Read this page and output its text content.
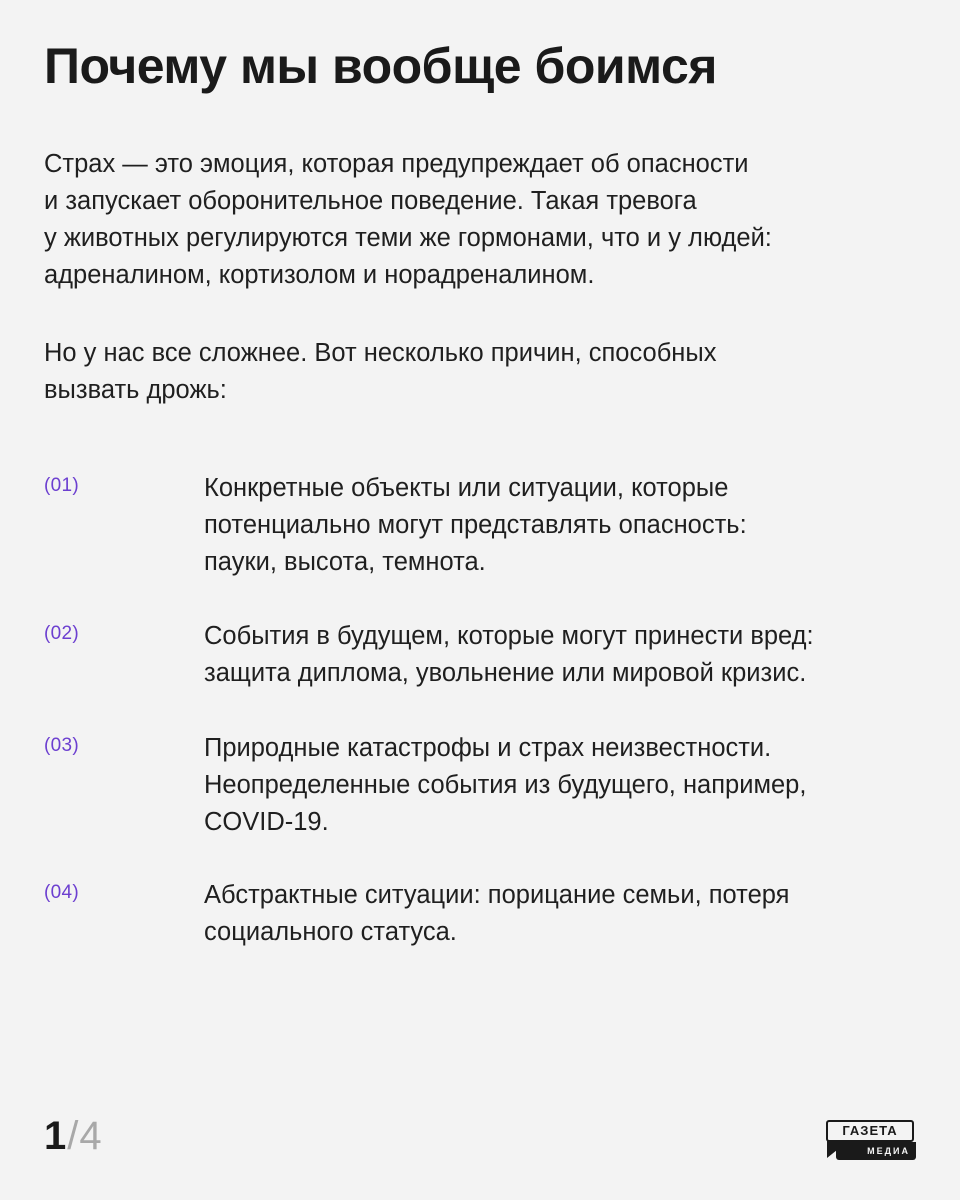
Почему мы вообще боимся
Страх — это эмоция, которая предупреждает об опасности
и запускает оборонительное поведение. Такая тревога
у животных регулируются теми же гормонами, что и у людей:
адреналином, кортизолом и норадреналином.
Но у нас все сложнее. Вот несколько причин, способных
вызвать дрожь:
(01)	Конкретные объекты или ситуации, которые
потенциально могут представлять опасность:
пауки, высота, темнота.
(02)	События в будущем, которые могут принести вред:
защита диплома, увольнение или мировой кризис.
(03)	Природные катастрофы и страх неизвестности.
Неопределенные события из будущего, например,
COVID-19.
(04)	Абстрактные ситуации: порицание семьи, потеря
социального статуса.
1/4	ГАЗЕТА
МЕДИА
